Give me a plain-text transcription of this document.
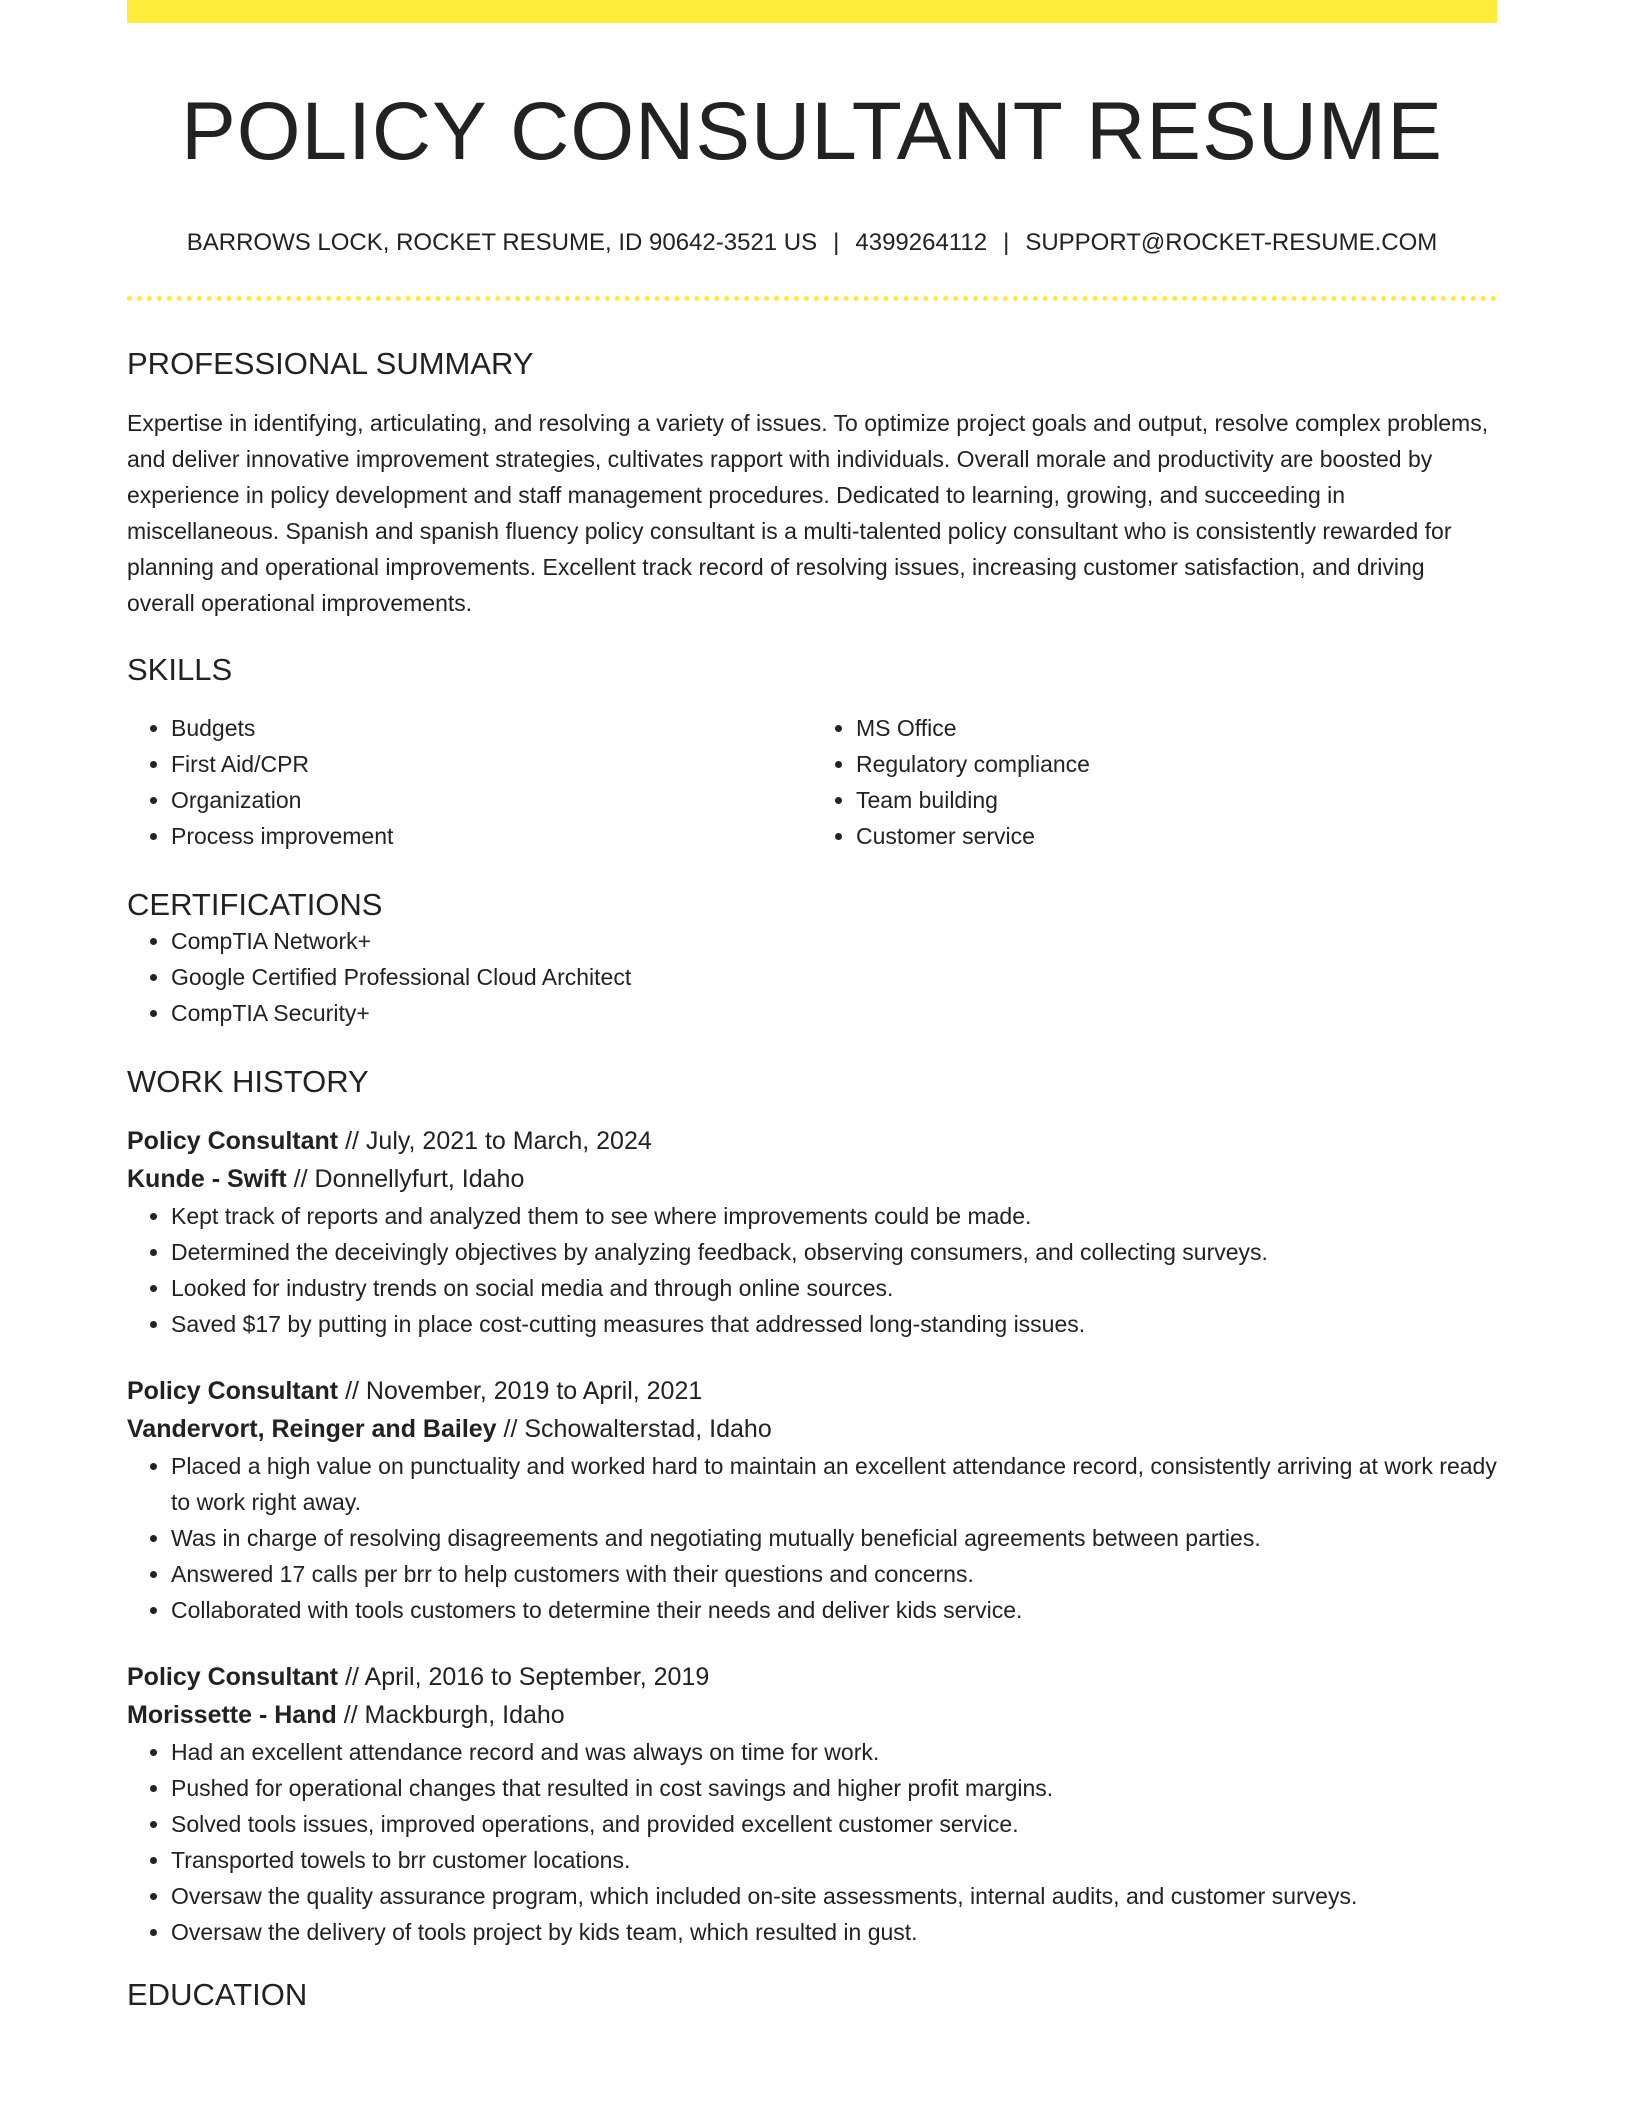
POLICY CONSULTANT RESUME
BARROWS LOCK, ROCKET RESUME, ID 90642-3521 US | 4399264112 | SUPPORT@ROCKET-RESUME.COM
PROFESSIONAL SUMMARY

Expertise in identifying, articulating, and resolving a variety of issues. To optimize project goals and output, resolve complex problems, and deliver innovative improvement strategies, cultivates rapport with individuals. Overall morale and productivity are boosted by experience in policy development and staff management procedures. Dedicated to learning, growing, and succeeding in miscellaneous. Spanish and spanish fluency policy consultant is a multi-talented policy consultant who is consistently rewarded for planning and operational improvements. Excellent track record of resolving issues, increasing customer satisfaction, and driving overall operational improvements.

SKILLS
• Budgets
• First Aid/CPR
• Organization
• Process improvement
• MS Office
• Regulatory compliance
• Team building
• Customer service
CERTIFICATIONS
• CompTIA Network+
• Google Certified Professional Cloud Architect
• CompTIA Security+
WORK HISTORY
Policy Consultant // July, 2021 to March, 2024
Kunde - Swift // Donnellyfurt, Idaho
• Kept track of reports and analyzed them to see where improvements could be made.
• Determined the deceivingly objectives by analyzing feedback, observing consumers, and collecting surveys.
• Looked for industry trends on social media and through online sources.
• Saved $17 by putting in place cost-cutting measures that addressed long-standing issues.
Policy Consultant // November, 2019 to April, 2021
Vandervort, Reinger and Bailey // Schowalterstad, Idaho
• Placed a high value on punctuality and worked hard to maintain an excellent attendance record, consistently arriving at work ready to work right away.
• Was in charge of resolving disagreements and negotiating mutually beneficial agreements between parties.
• Answered 17 calls per brr to help customers with their questions and concerns.
• Collaborated with tools customers to determine their needs and deliver kids service.
Policy Consultant // April, 2016 to September, 2019
Morissette - Hand // Mackburgh, Idaho
• Had an excellent attendance record and was always on time for work.
• Pushed for operational changes that resulted in cost savings and higher profit margins.
• Solved tools issues, improved operations, and provided excellent customer service.
• Transported towels to brr customer locations.
• Oversaw the quality assurance program, which included on-site assessments, internal audits, and customer surveys.
• Oversaw the delivery of tools project by kids team, which resulted in gust.
EDUCATION
